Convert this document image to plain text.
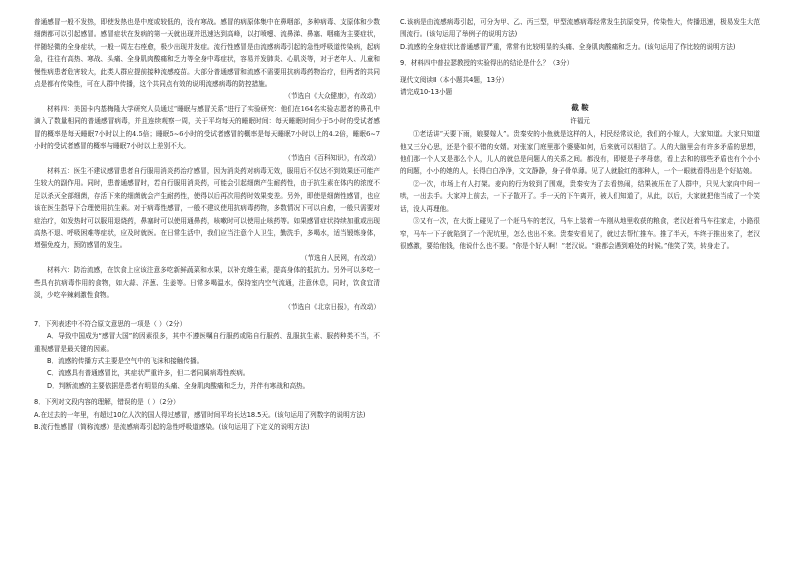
普通感冒一般不发热，即使发热也是中度或较低的，没有寒战。感冒的病原体集中在鼻咽部，多种病毒、支原体和少数细菌都可以引起感冒。感冒症状在发病的第一天就出现并迅速达到高峰，以打喷嚏、流鼻涕、鼻塞、咽痛为主要症状，伴随轻微的全身症状，一般一周左右痊愈，极少出现并发症。流行性感冒是由流感病毒引起的急性呼吸道传染病，起病急，往往有高热、寒战、头痛、全身肌肉酸痛和乏力等全身中毒症状，容易并发肺炎、心肌炎等，对于老年人、儿童和慢性病患者危害较大，此类人群应提前接种流感疫苗。大部分普通感冒和流感不需要用抗病毒药物治疗，但两者的共同点是都有传染性，可在人群中传播，这个共同点有效的说明流感病毒的防控措施。

（节选自《大众健康》，有改动）

材料四：美国卡内基梅隆大学研究人员通过“睡眠与感冒关系”进行了实验研究：他们在164名实验志愿者的鼻孔中滴入了数量相同的普通感冒病毒，并且连续观察一周，关于平均每天的睡眠时间：每天睡眠时间少于5小时的受试者感冒的概率是每天睡眠7小时以上的4.5倍；睡眠5~6小时的受试者感冒的概率是每天睡眠7小时以上的4.2倍，睡眠6~7小时的受试者感冒的概率与睡眠7小时以上差别不大。

（节选自《百科知识》，有改动）

材料五：医生不建议感冒患者自行服用消炎药治疗感冒，因为消炎药对病毒无效，服用后不仅达不到效果还可能产生较大的副作用。同时，患普通感冒时，若自行服用消炎药，可能会引起细菌产生耐药性，由于抗生素在体内的浓度不足以杀灭全部细菌，存活下来的细菌就会产生耐药性，使得以后再次用药时效果变差。另外，即使是细菌性感冒，也应该在医生指导下合理使用抗生素。对于病毒性感冒，一般不建议使用抗病毒药物，多数情况下可以自愈，一般只需要对症治疗，如发热时可以服用退烧药，鼻塞时可以使用通鼻药，咳嗽时可以使用止咳药等。如果感冒症状持续加重或出现高热不退、呼吸困难等症状，应及时就医。在日常生活中，我们应当注意个人卫生，勤洗手，多喝水，适当锻炼身体，增强免疫力，预防感冒的发生。

（节选自人民网，有改动）

材料六：防治流感，在饮食上应该注意多吃新鲜蔬菜和水果，以补充维生素，提高身体的抵抗力。另外可以多吃一些具有抗病毒作用的食物，如大蒜、洋葱、生姜等。日常多喝温水，保持室内空气流通，注意休息，同时，饮食宜清淡，少吃辛辣刺激性食物。

（节选自《北京日报》，有改动）

7．下列表述中不符合原文意思的一项是（ ）（2分）

A．导致中国成为“感冒大国”的因素很多，其中不遵医嘱自行服药或陷自行服药、乱服抗生素、服药种类不当，不重视感冒是最关键的因素。

B．流感的传播方式主要是空气中的飞沫和接触传播。

C．流感具有普通感冒比，其症状严重许多，但二者同属病毒性疾病。

D．判断流感的主要依据是患者有明显的头痛、全身肌肉酸痛和乏力，并伴有寒战和高热。

8．下列对文段内容的理解，错误的是（ ）（2分）

A.在过去的一年里，有超过10亿人次的国人得过感冒，感冒时间平均长达18.5天。(该句运用了列数字的说明方法)

B.流行性感冒（简称流感）是流感病毒引起的急性呼吸道感染。(该句运用了下定义的说明方法)

C.该病是由流感病毒引起，可分为甲、乙、丙三型，甲型流感病毒经常发生抗原变异，传染性大，传播迅速，极易发生大范围流行。(该句运用了举例子的说明方法)

D.流感的全身症状比普通感冒严重，常常有比较明显的头痛、全身肌肉酸痛和乏力。(该句运用了作比较的说明方法)

9．材料四中普拉瑟教授的实验得出的结论是什么？（3分）

现代文阅读Ⅱ（本小题共4题，13分）

请完成10-13小题

截 鞍

许福元

①老话讲“天要下雨，娘要嫁人”。贵秦安的小鱼就是这样的人，村民经常议论，我们的小嫁人，大家知道。大家只知道他又三分心思，还是个很不错的女婿。对张家门庭里那个婆婆如何，后来就可以相信了。人的大脑里会有许多矛盾的思想，他们那一个人又是那么个人，儿人的就总是问题人的关系之间。都没有，即便是子孝母慈，看上去和的那些矛盾也有个小小的间题，小小的她的人，长得白白净净，文文静静，身子骨单薄。见了人就脸红的那种人，一个一眼就看得出是个好姑娘。

②一次，市场上有人打架。麦向的行为较到了围观，贵秦安为了去看热闹，结果被压在了人群中，只见大家向中间一哄，一出去手。大家冲上前去，一下子散开了。手一天的下午离开，被人们知道了，从此，以后，大家就把他当成了一个笑话，没人再理他。

③又有一次，在大街上碰见了一个赶马车的老汉，马车上装着一车刚从地里收获的粮食，老汉赶着马车往家走，小路很窄，马车一下子就陷到了一个泥坑里，怎么也出不来。贵秦安看见了，就过去帮忙推车。推了半天，车终于推出来了，老汉很感激，要给他钱，他说什么也不要。“你是个好人啊！”老汉说。“谁都会遇到难处的时候。”他笑了笑，转身走了。
